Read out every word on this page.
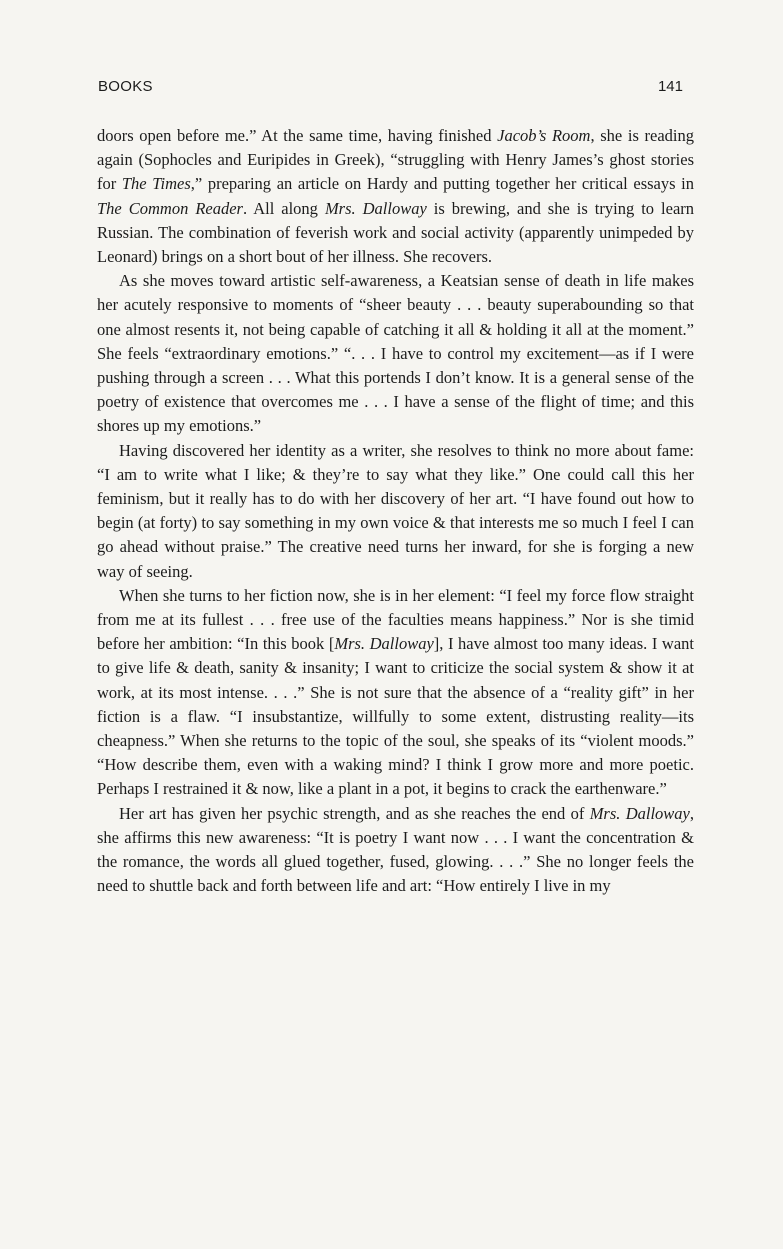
BOOKS	141

doors open before me.” At the same time, having finished Jacob’s Room, she is reading again (Sophocles and Euripides in Greek), “struggling with Henry James’s ghost stories for The Times,” preparing an article on Hardy and putting together her critical essays in The Common Reader. All along Mrs. Dalloway is brewing, and she is trying to learn Russian. The combination of feverish work and social activity (apparently unimpeded by Leonard) brings on a short bout of her illness. She recovers.

As she moves toward artistic self-awareness, a Keatsian sense of death in life makes her acutely responsive to moments of “sheer beauty . . . beauty superabounding so that one almost resents it, not being capable of catching it all & holding it all at the moment.” She feels “extraordinary emotions.” “. . . I have to control my excitement—as if I were pushing through a screen . . . What this portends I don’t know. It is a general sense of the poetry of existence that overcomes me . . . I have a sense of the flight of time; and this shores up my emotions.”

Having discovered her identity as a writer, she resolves to think no more about fame: “I am to write what I like; & they’re to say what they like.” One could call this her feminism, but it really has to do with her discovery of her art. “I have found out how to begin (at forty) to say something in my own voice & that interests me so much I feel I can go ahead without praise.” The creative need turns her inward, for she is forging a new way of seeing.

When she turns to her fiction now, she is in her element: “I feel my force flow straight from me at its fullest . . . free use of the faculties means happiness.” Nor is she timid before her ambition: “In this book [Mrs. Dalloway], I have almost too many ideas. I want to give life & death, sanity & insanity; I want to criticize the social system & show it at work, at its most intense. . . .” She is not sure that the absence of a “reality gift” in her fiction is a flaw. “I insubstantize, willfully to some extent, distrusting reality—its cheapness.” When she returns to the topic of the soul, she speaks of its “violent moods.” “How describe them, even with a waking mind? I think I grow more and more poetic. Perhaps I restrained it & now, like a plant in a pot, it begins to crack the earthenware.”

Her art has given her psychic strength, and as she reaches the end of Mrs. Dalloway, she affirms this new awareness: “It is poetry I want now . . . I want the concentration & the romance, the words all glued together, fused, glowing. . . .” She no longer feels the need to shuttle back and forth between life and art: “How entirely I live in my
